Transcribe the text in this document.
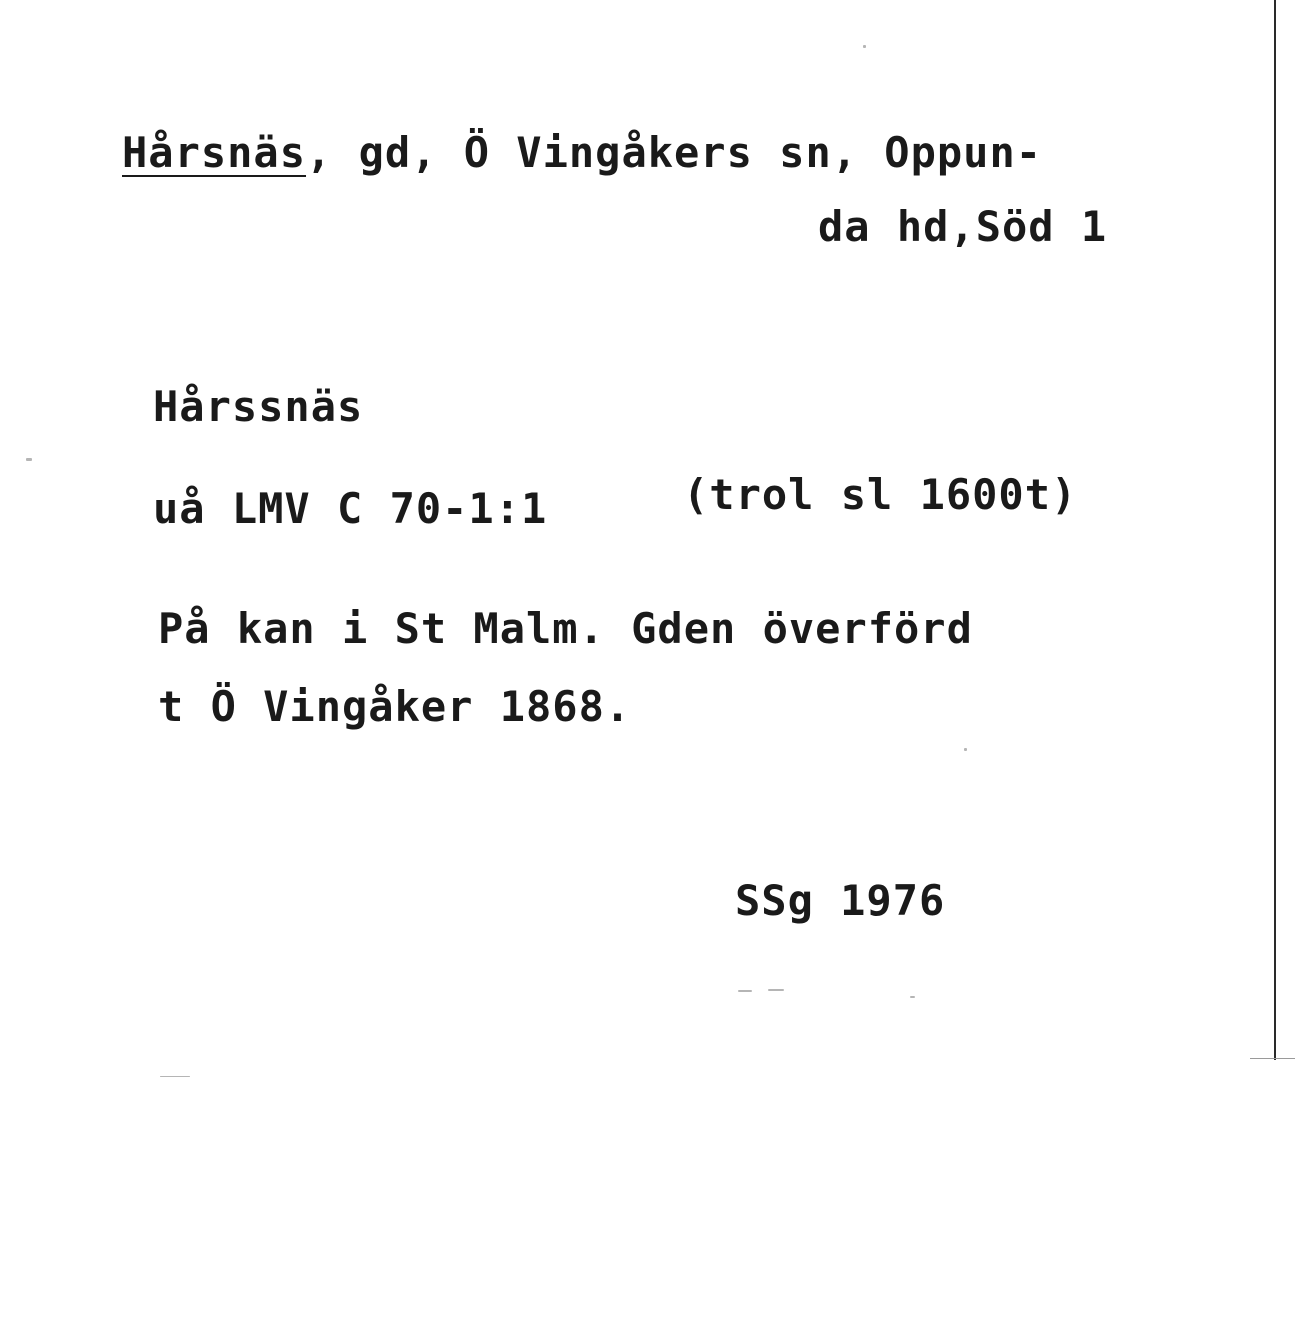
Hårsnäs, gd, Ö Vingåkers sn, Oppun-
da hd,Söd 1
Hårssnäs
uå LMV C 70-1:1	(trol sl 1600t)
På kan i St Malm. Gden överförd
t Ö Vingåker 1868.
SSg 1976
